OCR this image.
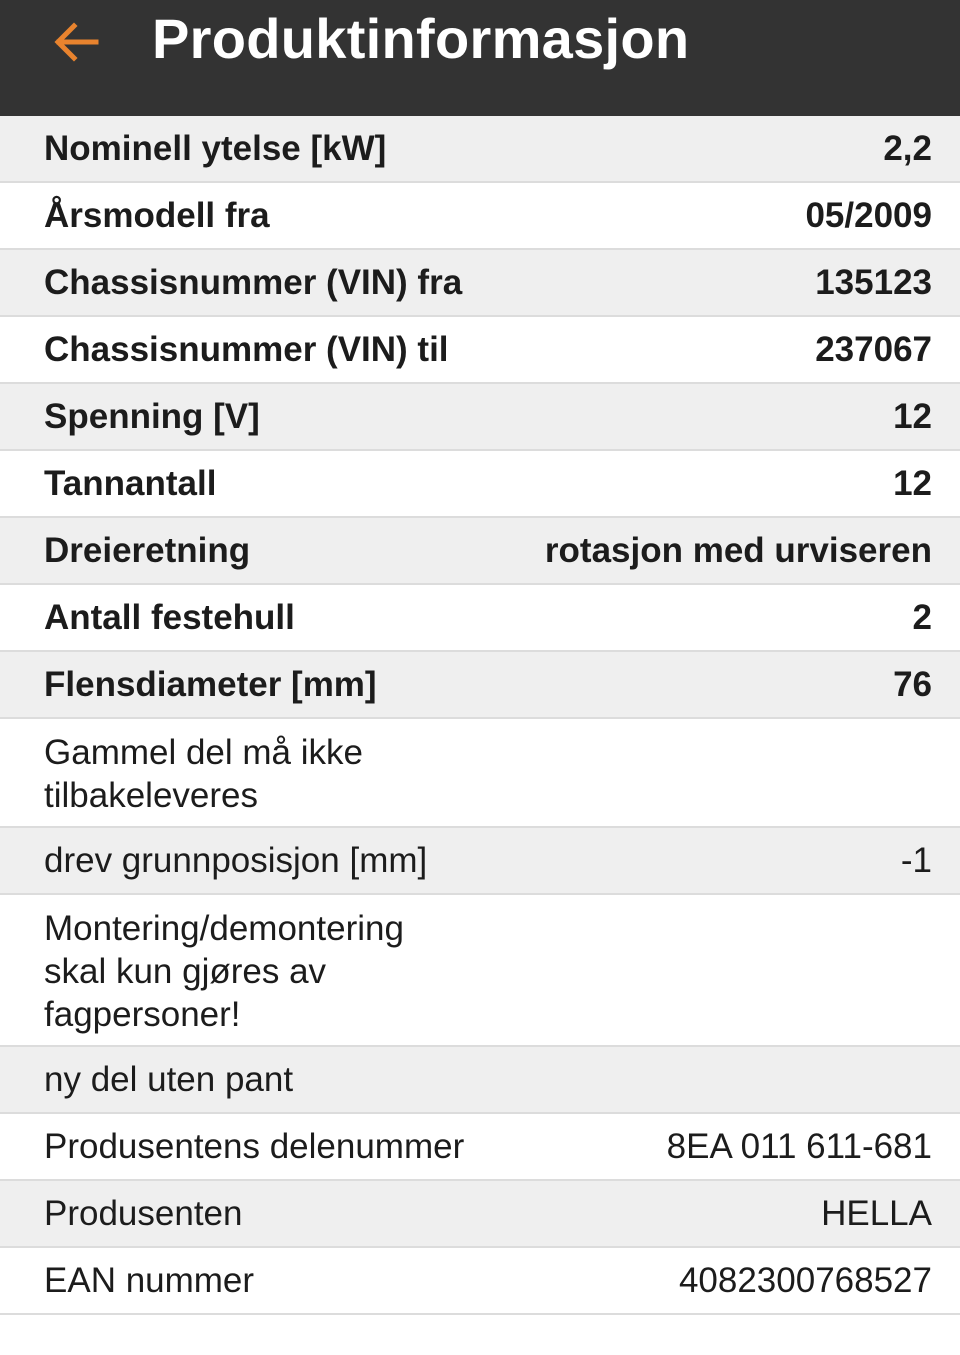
Produktinformasjon
Nominell ytelse [kW]	2,2
Årsmodell fra	05/2009
Chassisnummer (VIN) fra	135123
Chassisnummer (VIN) til	237067
Spenning [V]	12
Tannantall	12
Dreieretning	rotasjon med urviseren
Antall festehull	2
Flensdiameter [mm]	76
Gammel del må ikke
tilbakeleveres
drev grunnposisjon [mm]	-1
Montering/demontering
skal kun gjøres av
fagpersoner!
ny del uten pant
Produsentens delenummer	8EA 011 611-681
Produsenten	HELLA
EAN nummer	4082300768527
